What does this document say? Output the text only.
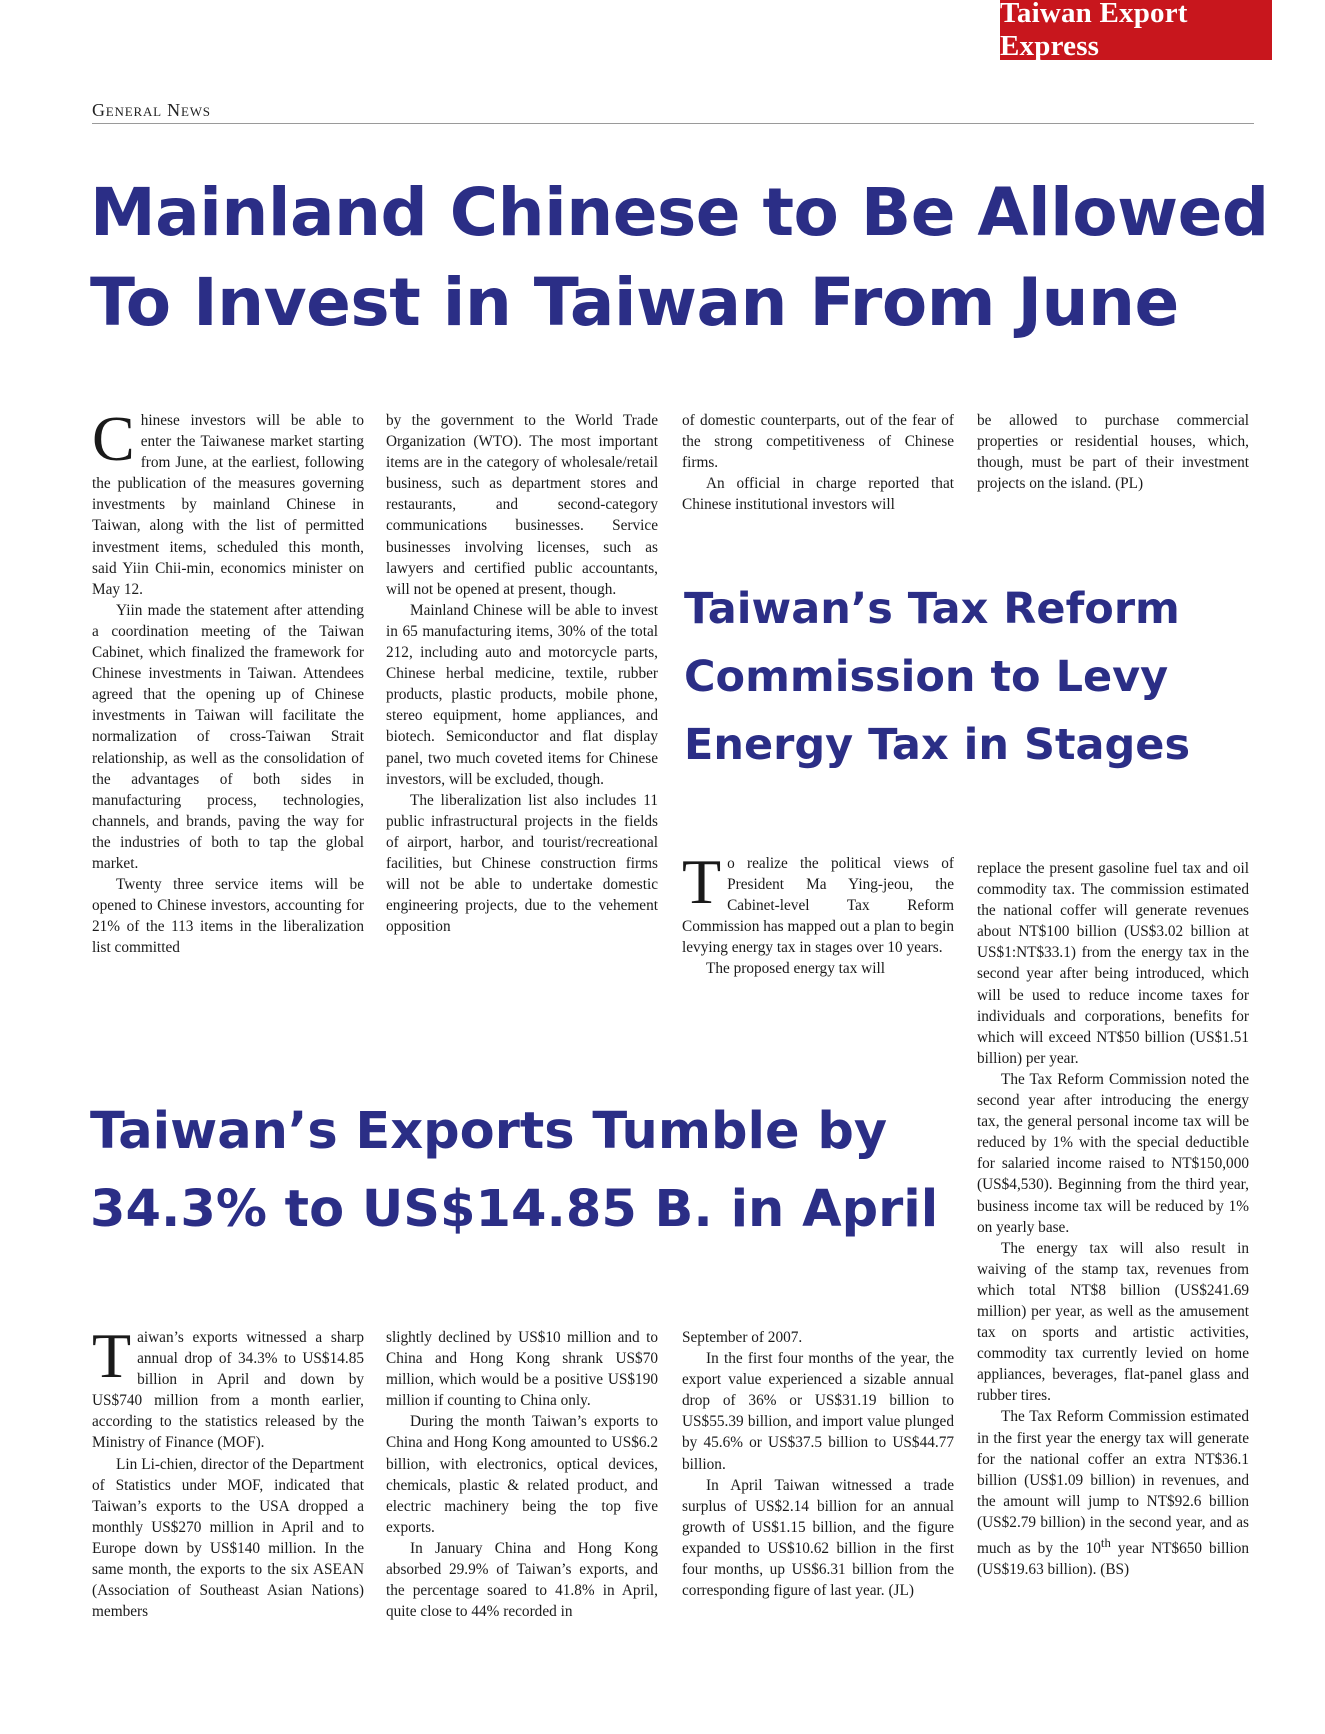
Taiwan Export Express
General News
Mainland Chinese to Be Allowed
To Invest in Taiwan From June

Chinese investors will be able to enter the Taiwanese market starting from June, at the earliest, following the publication of the measures governing investments by mainland Chinese in Taiwan, along with the list of permitted investment items, scheduled this month, said Yiin Chii-min, economics minister on May 12.

Yiin made the statement after attending a coordination meeting of the Taiwan Cabinet, which finalized the framework for Chinese investments in Taiwan. Attendees agreed that the opening up of Chinese investments in Taiwan will facilitate the normalization of cross-Taiwan Strait relationship, as well as the consolidation of the advantages of both sides in manufacturing process, technologies, channels, and brands, paving the way for the industries of both to tap the global market.

Twenty three service items will be opened to Chinese investors, accounting for 21% of the 113 items in the liberalization list committed

by the government to the World Trade Organization (WTO). The most important items are in the category of wholesale/retail business, such as department stores and restaurants, and second-category communications businesses. Service businesses involving licenses, such as lawyers and certified public accountants, will not be opened at present, though.

Mainland Chinese will be able to invest in 65 manufacturing items, 30% of the total 212, including auto and motorcycle parts, Chinese herbal medicine, textile, rubber products, plastic products, mobile phone, stereo equipment, home appliances, and biotech. Semiconductor and flat display panel, two much coveted items for Chinese investors, will be excluded, though.

The liberalization list also includes 11 public infrastructural projects in the fields of airport, harbor, and tourist/recreational facilities, but Chinese construction firms will not be able to undertake domestic engineering projects, due to the vehement opposition

of domestic counterparts, out of the fear of the strong competitiveness of Chinese firms.

An official in charge reported that Chinese institutional investors will

be allowed to purchase commercial properties or residential houses, which, though, must be part of their investment projects on the island. (PL)

Taiwan’s Tax Reform
Commission to Levy
Energy Tax in Stages

To realize the political views of President Ma Ying-jeou, the Cabinet-level Tax Reform Commission has mapped out a plan to begin levying energy tax in stages over 10 years.

The proposed energy tax will

replace the present gasoline fuel tax and oil commodity tax. The commission estimated the national coffer will generate revenues about NT$100 billion (US$3.02 billion at US$1:NT$33.1) from the energy tax in the second year after being introduced, which will be used to reduce income taxes for individuals and corporations, benefits for which will exceed NT$50 billion (US$1.51 billion) per year.

The Tax Reform Commission noted the second year after introducing the energy tax, the general personal income tax will be reduced by 1% with the special deductible for salaried income raised to NT$150,000 (US$4,530). Beginning from the third year, business income tax will be reduced by 1% on yearly base.

The energy tax will also result in waiving of the stamp tax, revenues from which total NT$8 billion (US$241.69 million) per year, as well as the amusement tax on sports and artistic activities, commodity tax currently levied on home appliances, beverages, flat-panel glass and rubber tires.

The Tax Reform Commission estimated in the first year the energy tax will generate for the national coffer an extra NT$36.1 billion (US$1.09 billion) in revenues, and the amount will jump to NT$92.6 billion (US$2.79 billion) in the second year, and as much as by the 10th year NT$650 billion (US$19.63 billion). (BS)

Taiwan’s Exports Tumble by
34.3% to US$14.85 B. in April

Taiwan’s exports witnessed a sharp annual drop of 34.3% to US$14.85 billion in April and down by US$740 million from a month earlier, according to the statistics released by the Ministry of Finance (MOF).

Lin Li-chien, director of the Department of Statistics under MOF, indicated that Taiwan’s exports to the USA dropped a monthly US$270 million in April and to Europe down by US$140 million. In the same month, the exports to the six ASEAN (Association of Southeast Asian Nations) members

slightly declined by US$10 million and to China and Hong Kong shrank US$70 million, which would be a positive US$190 million if counting to China only.

During the month Taiwan’s exports to China and Hong Kong amounted to US$6.2 billion, with electronics, optical devices, chemicals, plastic & related product, and electric machinery being the top five exports.

In January China and Hong Kong absorbed 29.9% of Taiwan’s exports, and the percentage soared to 41.8% in April, quite close to 44% recorded in

September of 2007.

In the first four months of the year, the export value experienced a sizable annual drop of 36% or US$31.19 billion to US$55.39 billion, and import value plunged by 45.6% or US$37.5 billion to US$44.77 billion.

In April Taiwan witnessed a trade surplus of US$2.14 billion for an annual growth of US$1.15 billion, and the figure expanded to US$10.62 billion in the first four months, up US$6.31 billion from the corresponding figure of last year. (JL)
